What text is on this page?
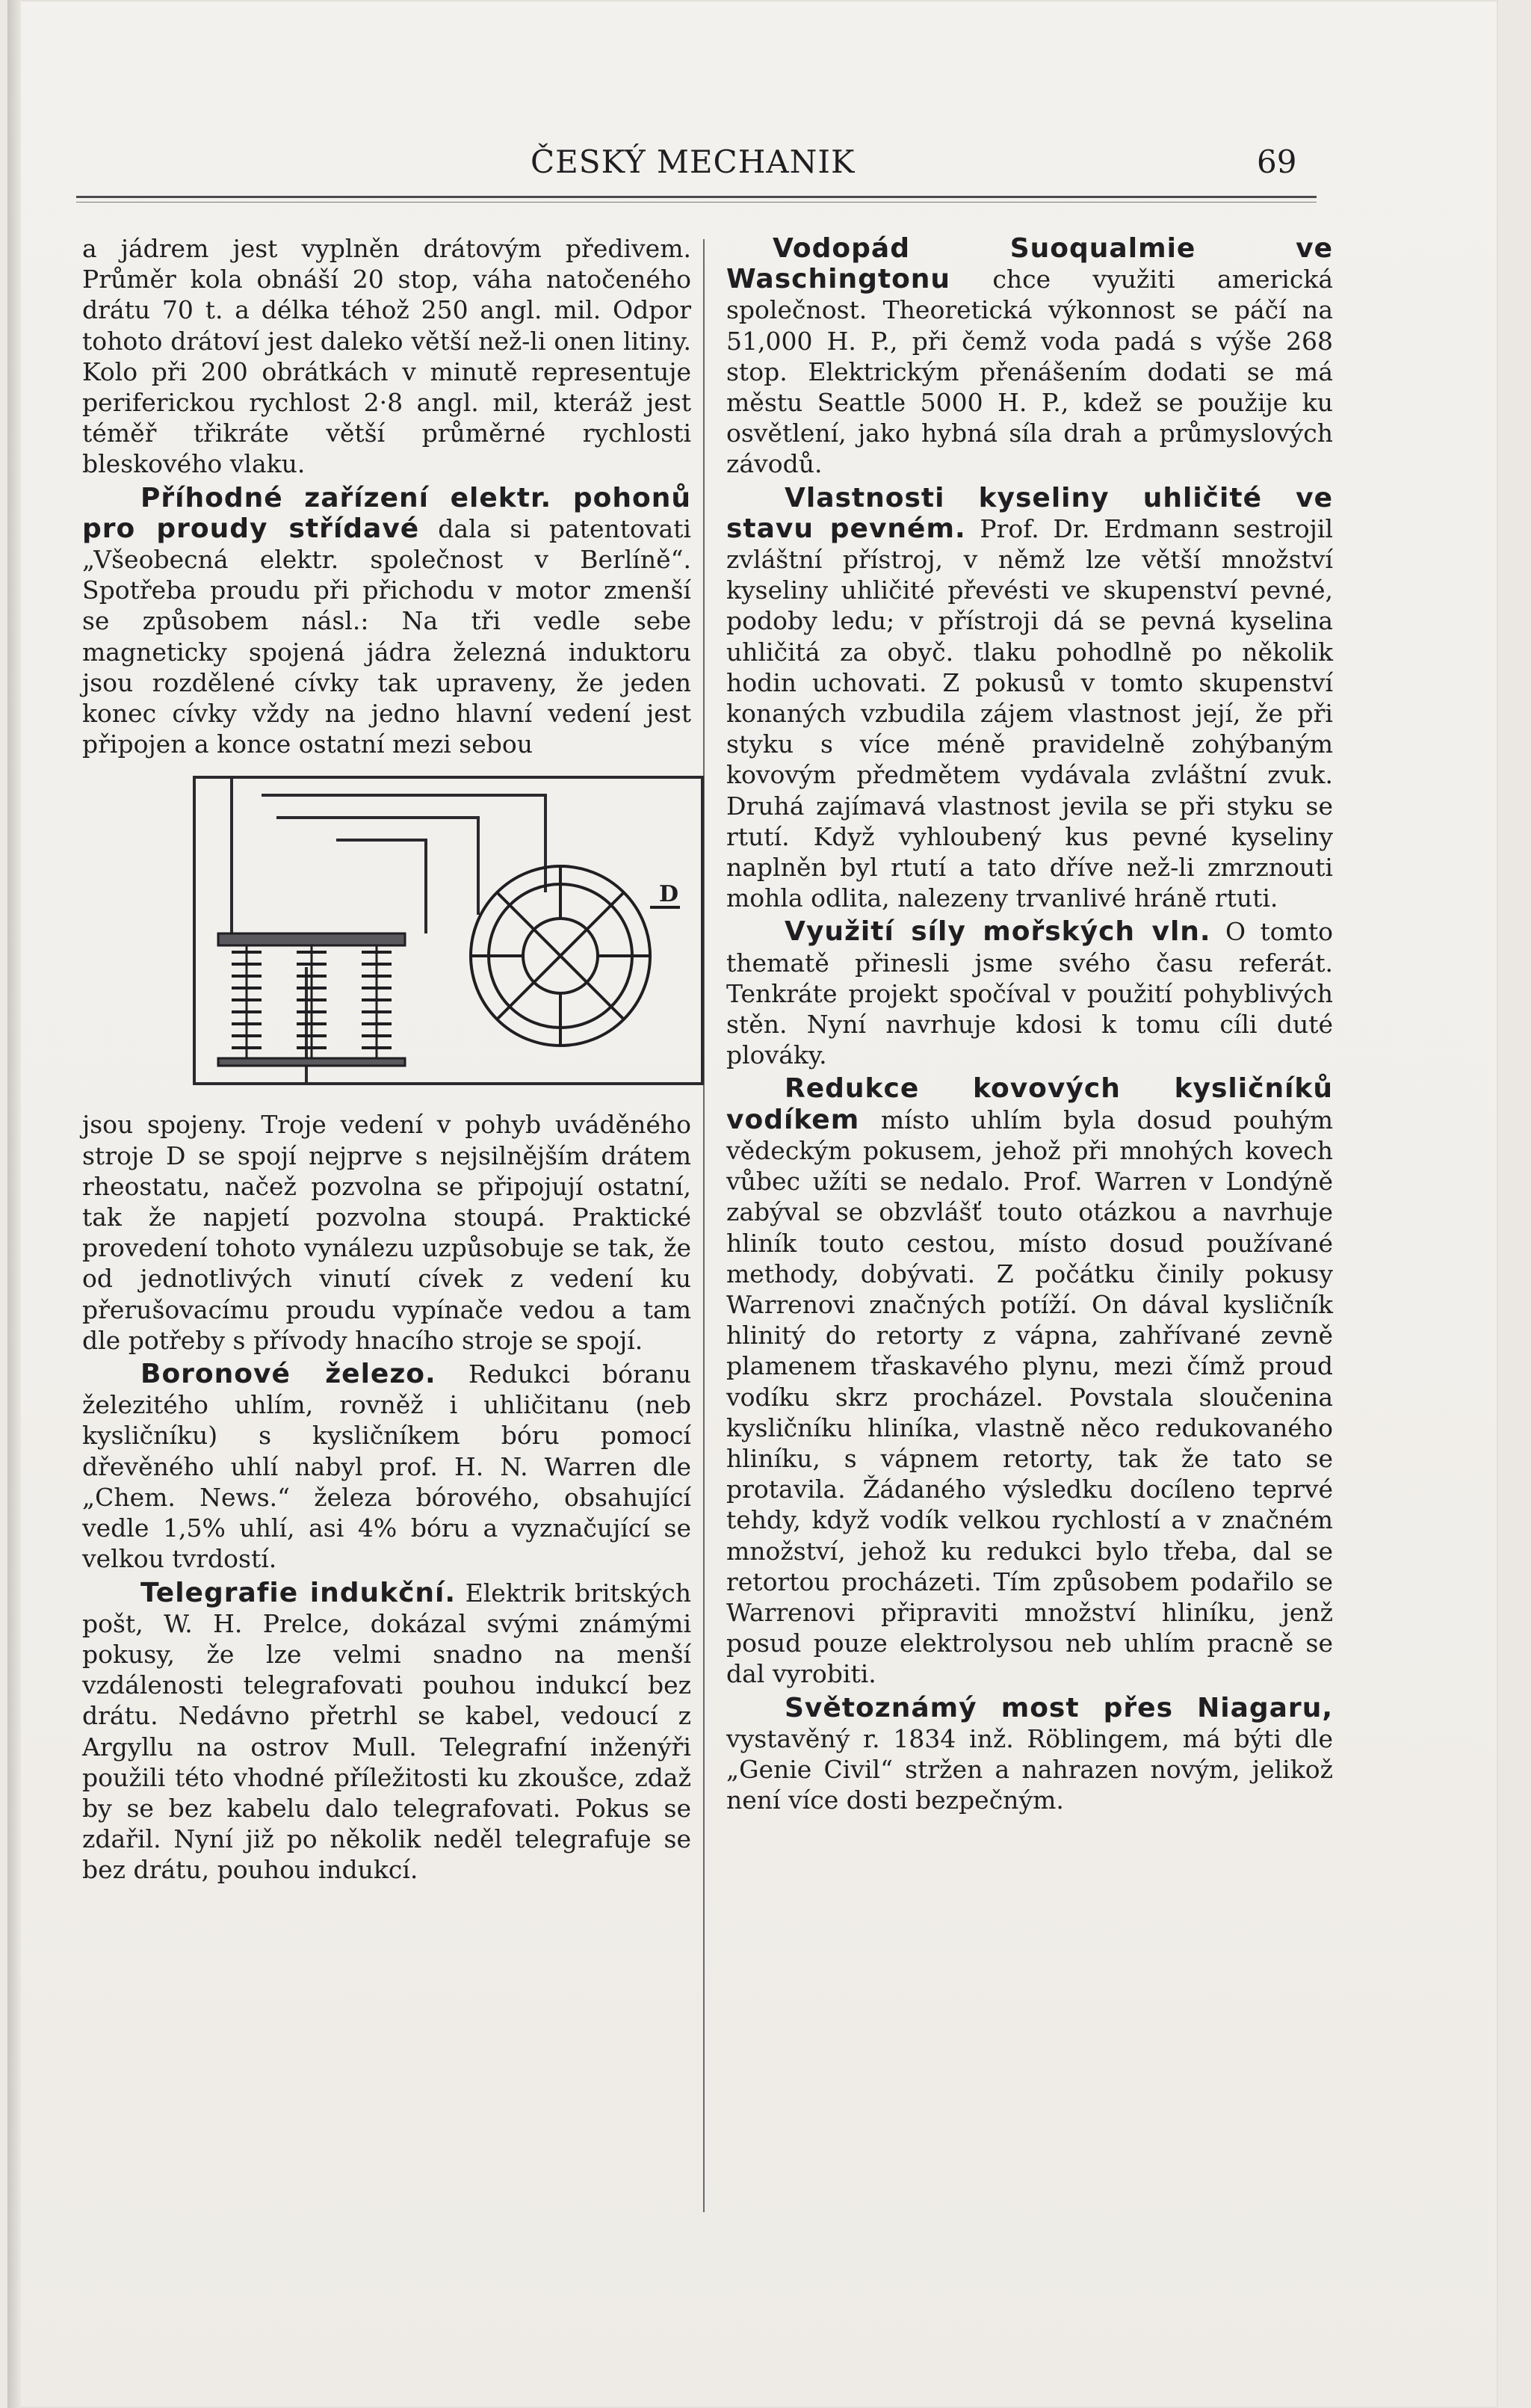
ČESKÝ MECHANIK	69

a jádrem jest vyplněn drátovým předivem. Průměr kola obnáší 20 stop, váha natočeného drátu 70 t. a délka téhož 250 angl. mil. Odpor tohoto drátoví jest daleko větší než-li onen litiny. Kolo při 200 obrátkách v minutě representuje periferickou rychlost 2·8 angl. mil, kteráž jest téměř třikráte větší průměrné rychlosti bleskového vlaku.

Příhodné zařízení elektr. pohonů pro proudy střídavé dala si patentovati „Všeobecná elektr. společnost v Berlíně“. Spotřeba proudu při přichodu v motor zmenší se způsobem násl.: Na tři vedle sebe magneticky spojená jádra železná induktoru jsou rozdělené cívky tak upraveny, že jeden konec cívky vždy na jedno hlavní vedení jest připojen a konce ostatní mezi sebou

D

jsou spojeny. Troje vedení v pohyb uváděného stroje D se spojí nejprve s nejsilnějším drátem rheostatu, načež pozvolna se připojují ostatní, tak že napjetí pozvolna stoupá. Praktické provedení tohoto vynálezu uzpůsobuje se tak, že od jednotlivých vinutí cívek z vedení ku přerušovacímu proudu vypínače vedou a tam dle potřeby s přívody hnacího stroje se spojí.

Boronové železo. Redukci bóranu železitého uhlím, rovněž i uhličitanu (neb kysličníku) s kysličníkem bóru pomocí dřevěného uhlí nabyl prof. H. N. Warren dle „Chem. News.“ železa bórového, obsahující vedle 1,5% uhlí, asi 4% bóru a vyznačující se velkou tvrdostí.

Telegrafie indukční. Elektrik britských pošt, W. H. Prelce, dokázal svými známými pokusy, že lze velmi snadno na menší vzdálenosti telegrafovati pouhou indukcí bez drátu. Nedávno přetrhl se kabel, vedoucí z Argyllu na ostrov Mull. Telegrafní inženýři použili této vhodné příležitosti ku zkoušce, zdaž by se bez kabelu dalo telegrafovati. Pokus se zdařil. Nyní již po několik neděl telegrafuje se bez drátu, pouhou indukcí.

Vodopád Suoqualmie ve Waschingtonu chce využiti americká společnost. Theoretická výkonnost se páčí na 51,000 H. P., při čemž voda padá s výše 268 stop. Elektrickým přenášením dodati se má městu Seattle 5000 H. P., kdež se použije ku osvětlení, jako hybná síla drah a průmyslových závodů.

Vlastnosti kyseliny uhličité ve stavu pevném. Prof. Dr. Erdmann sestrojil zvláštní přístroj, v němž lze větší množství kyseliny uhličité převésti ve skupenství pevné, podoby ledu; v přístroji dá se pevná kyselina uhličitá za obyč. tlaku pohodlně po několik hodin uchovati. Z pokusů v tomto skupenství konaných vzbudila zájem vlastnost její, že při styku s více méně pravidelně zohýbaným kovovým předmětem vydávala zvláštní zvuk. Druhá zajímavá vlastnost jevila se při styku se rtutí. Když vyhloubený kus pevné kyseliny naplněn byl rtutí a tato dříve než-li zmrznouti mohla odlita, nalezeny trvanlivé hráně rtuti.

Využití síly mořských vln. O tomto thematě přinesli jsme svého času referát. Tenkráte projekt spočíval v použití pohyblivých stěn. Nyní navrhuje kdosi k tomu cíli duté plováky.

Redukce kovových kysličníků vodíkem místo uhlím byla dosud pouhým vědeckým pokusem, jehož při mnohých kovech vůbec užíti se nedalo. Prof. Warren v Londýně zabýval se obzvlášť touto otázkou a navrhuje hliník touto cestou, místo dosud používané methody, dobývati. Z počátku činily pokusy Warrenovi značných potíží. On dával kysličník hlinitý do retorty z vápna, zahřívané zevně plamenem třaskavého plynu, mezi čímž proud vodíku skrz procházel. Povstala sloučenina kysličníku hliníka, vlastně něco redukovaného hliníku, s vápnem retorty, tak že tato se protavila. Žádaného výsledku docíleno teprvé tehdy, když vodík velkou rychlostí a v značném množství, jehož ku redukci bylo třeba, dal se retortou procházeti. Tím způsobem podařilo se Warrenovi připraviti množství hliníku, jenž posud pouze elektrolysou neb uhlím pracně se dal vyrobiti.

Světoznámý most přes Niagaru, vystavěný r. 1834 inž. Röblingem, má býti dle „Genie Civil“ stržen a nahrazen novým, jelikož není více dosti bezpečným.
